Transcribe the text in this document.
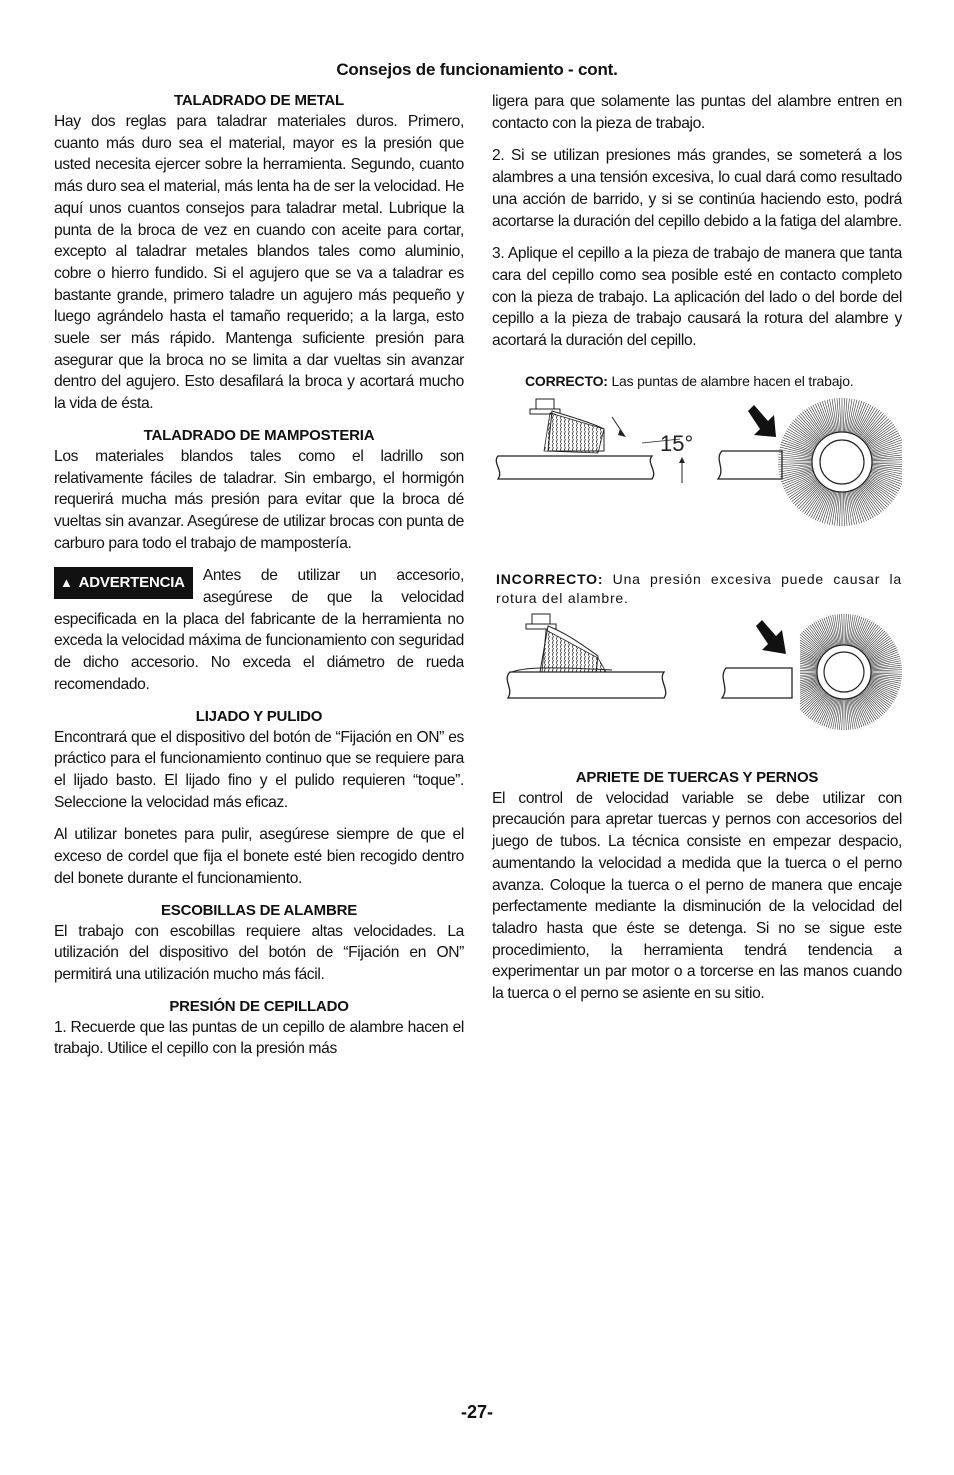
Consejos de funcionamiento - cont.
TALADRADO DE METAL

Hay dos reglas para taladrar materiales duros. Primero, cuanto más duro sea el material, mayor es la presión que usted necesita ejercer sobre la herramienta. Segundo, cuanto más duro sea el material, más lenta ha de ser la velocidad. He aquí unos cuantos consejos para taladrar metal. Lubrique la punta de la broca de vez en cuando con aceite para cortar, excepto al taladrar metales blandos tales como aluminio, cobre o hierro fundido. Si el agujero que se va a taladrar es bastante grande, primero taladre un agujero más pequeño y luego agrándelo hasta el tamaño requerido; a la larga, esto suele ser más rápido. Mantenga suficiente presión para asegurar que la broca no se limita a dar vueltas sin avanzar dentro del agujero. Esto desafilará la broca y acortará mucho la vida de ésta.

TALADRADO DE MAMPOSTERIA

Los materiales blandos tales como el ladrillo son relativamente fáciles de taladrar. Sin embargo, el hormigón requerirá mucha más presión para evitar que la broca dé vueltas sin avanzar. Asegúrese de utilizar brocas con punta de carburo para todo el trabajo de mampostería.

▲ ADVERTENCIA	Antes de utilizar un accesorio, asegúrese de que la velocidad especificada en la placa del fabricante de la herramienta no exceda la velocidad máxima de funcionamiento con seguridad de dicho accesorio. No exceda el diámetro de rueda recomendado.

LIJADO Y PULIDO

Encontrará que el dispositivo del botón de “Fijación en ON” es práctico para el funcionamiento continuo que se requiere para el lijado basto. El lijado fino y el pulido requieren “toque”. Seleccione la velocidad más eficaz.

Al utilizar bonetes para pulir, asegúrese siempre de que el exceso de cordel que fija el bonete esté bien recogido dentro del bonete durante el funcionamiento.

ESCOBILLAS DE ALAMBRE

El trabajo con escobillas requiere altas velocidades. La utilización del dispositivo del botón de “Fijación en ON” permitirá una utilización mucho más fácil.

PRESIÓN DE CEPILLADO

1. Recuerde que las puntas de un cepillo de alambre hacen el trabajo. Utilice el cepillo con la presión más

ligera para que solamente las puntas del alambre entren en contacto con la pieza de trabajo.

2. Si se utilizan presiones más grandes, se someterá a los alambres a una tensión excesiva, lo cual dará como resultado una acción de barrido, y si se continúa haciendo esto, podrá acortarse la duración del cepillo debido a la fatiga del alambre.

3. Aplique el cepillo a la pieza de trabajo de manera que tanta cara del cepillo como sea posible esté en contacto completo con la pieza de trabajo. La aplicación del lado o del borde del cepillo a la pieza de trabajo causará la rotura del alambre y acortará la duración del cepillo.

CORRECTO: Las puntas de alambre hacen el trabajo.
15°
INCORRECTO: Una presión excesiva puede causar la rotura del alambre.
APRIETE DE TUERCAS Y PERNOS

El control de velocidad variable se debe utilizar con precaución para apretar tuercas y pernos con accesorios del juego de tubos. La técnica consiste en empezar despacio, aumentando la velocidad a medida que la tuerca o el perno avanza. Coloque la tuerca o el perno de manera que encaje perfectamente mediante la disminución de la velocidad del taladro hasta que éste se detenga. Si no se sigue este procedimiento, la herramienta tendrá tendencia a experimentar un par motor o a torcerse en las manos cuando la tuerca o el perno se asiente en su sitio.

-27-
